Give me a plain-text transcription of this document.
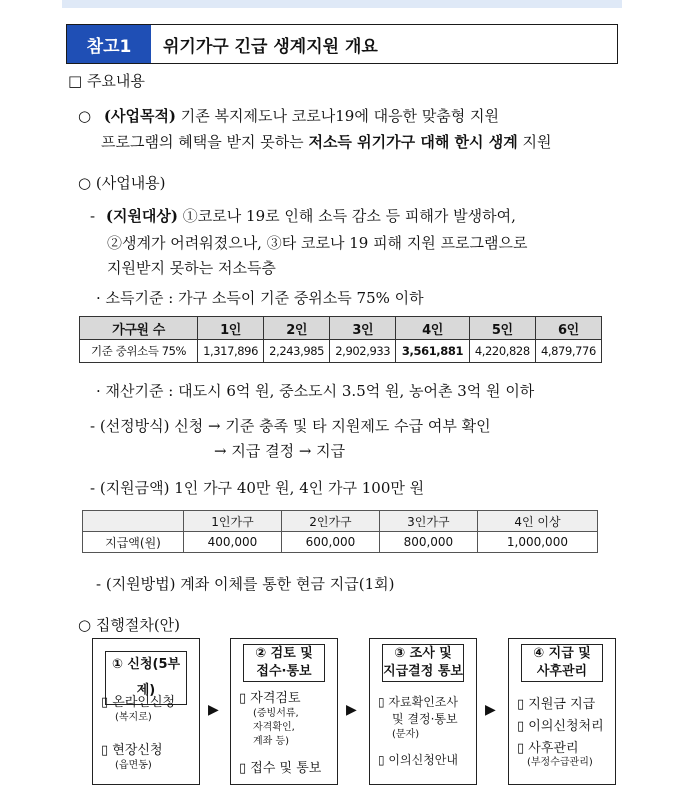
참고1	위기가구 긴급 생계지원 개요
□ 주요내용
○ (사업목적) 기존 복지제도나 코로나19에 대응한 맞춤형 지원
프로그램의 혜택을 받지 못하는 저소득 위기가구 대해 한시 생계 지원
○ (사업내용)
- (지원대상) ①코로나 19로 인해 소득 감소 등 피해가 발생하여,
②생계가 어려워졌으나, ③타 코로나 19 피해 지원 프로그램으로
지원받지 못하는 저소득층
· 소득기준 : 가구 소득이 기준 중위소득 75% 이하
가구원 수	1인	2인	3인	4인	5인	6인
기준 중위소득 75%	1,317,896	2,243,985	2,902,933	3,561,881	4,220,828	4,879,776
· 재산기준 : 대도시 6억 원, 중소도시 3.5억 원, 농어촌 3억 원 이하
- (선정방식) 신청 → 기준 충족 및 타 지원제도 수급 여부 확인
→ 지급 결정 → 지급
- (지원금액) 1인 가구 40만 원, 4인 가구 100만 원
	1인가구	2인가구	3인가구	4인 이상
지급액(원)	400,000	600,000	800,000	1,000,000
- (지원방법) 계좌 이체를 통한 현금 지급(1회)
○ 집행절차(안)
① 신청(5부제)
▯ 온라인신청
(복지로)
▯ 현장신청
(읍면동)
▶
② 검토 및
접수·통보
▯ 자격검토
(증빙서류,
자격확인,
계좌 등)
▯ 접수 및 통보
▶
③ 조사 및
지급결정 통보
▯ 자료확인조사
및 결정·통보
(문자)
▯ 이의신청안내
▶
④ 지급 및
사후관리
▯ 지원금 지급
▯ 이의신청처리
▯ 사후관리
(부정수급관리)
